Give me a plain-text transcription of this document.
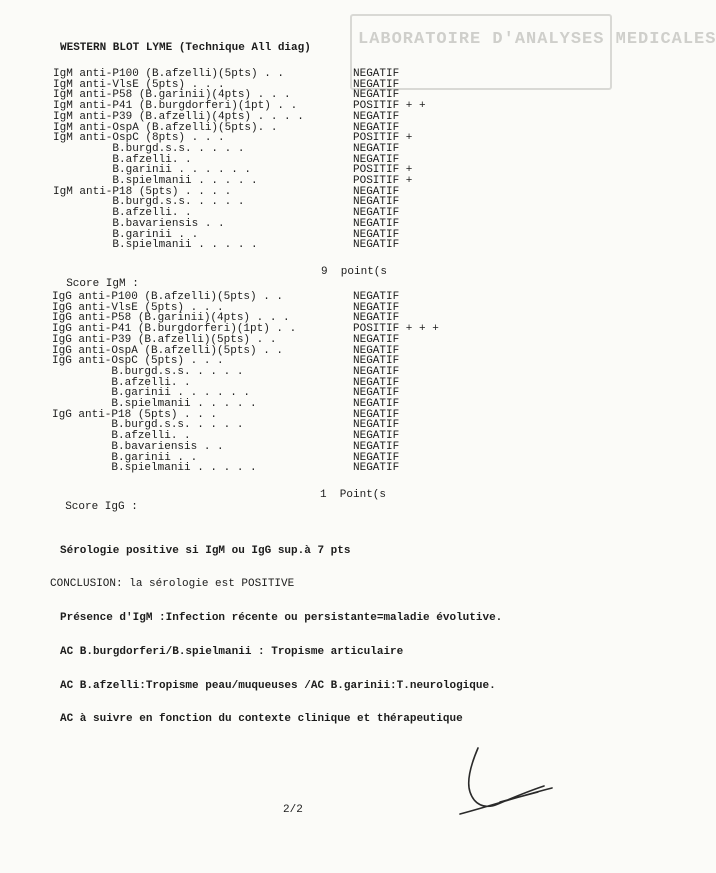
LABORATOIRE D'ANALYSES MEDICALES
WESTERN BLOT LYME (Technique All diag)
IgM anti-P100 (B.afzelli)(5pts) . .	NEGATIF
IgM anti-VlsE (5pts) . . .	NEGATIF
IgM anti-P58 (B.garinii)(4pts) . . .	NEGATIF
IgM anti-P41 (B.burgdorferi)(1pt) . .	POSITIF + +
IgM anti-P39 (B.afzelli)(4pts) . . . .	NEGATIF
IgM anti-OspA (B.afzelli)(5pts). .	NEGATIF
IgM anti-OspC (8pts) . . .	POSITIF +
B.burgd.s.s. . . . .	NEGATIF
B.afzelli. .	NEGATIF
B.garinii . . . . . .	POSITIF +
B.spielmanii . . . . .	POSITIF +
IgM anti-P18 (5pts) . . . .	NEGATIF
B.burgd.s.s. . . . .	NEGATIF
B.afzelli. .	NEGATIF
B.bavariensis . .	NEGATIF
B.garinii . .	NEGATIF
B.spielmanii . . . . .	NEGATIF

Score IgM :

9  point(s

IgG anti-P100 (B.afzelli)(5pts) . .	NEGATIF
IgG anti-VlsE (5pts) . . .	NEGATIF
IgG anti-P58 (B.garinii)(4pts) . . .	NEGATIF
IgG anti-P41 (B.burgdorferi)(1pt) . .	POSITIF + + +
IgG anti-P39 (B.afzelli)(5pts) . .	NEGATIF
IgG anti-OspA (B.afzelli)(5pts) . .	NEGATIF
IgG anti-OspC (5pts) . . .	NEGATIF
B.burgd.s.s. . . . .	NEGATIF
B.afzelli. .	NEGATIF
B.garinii . . . . . .	NEGATIF
B.spielmanii . . . . .	NEGATIF
IgG anti-P18 (5pts) . . .	NEGATIF
B.burgd.s.s. . . . .	NEGATIF
B.afzelli. .	NEGATIF
B.bavariensis . .	NEGATIF
B.garinii . .	NEGATIF
B.spielmanii . . . . .	NEGATIF

Score IgG :

1  Point(s

Sérologie positive si IgM ou IgG sup.à 7 pts
CONCLUSION: la sérologie est POSITIVE
Présence d'IgM :Infection récente ou persistante=maladie évolutive.
AC B.burgdorferi/B.spielmanii : Tropisme articulaire
AC B.afzelli:Tropisme peau/muqueuses /AC B.garinii:T.neurologique.
AC à suivre en fonction du contexte clinique et thérapeutique
2/2
